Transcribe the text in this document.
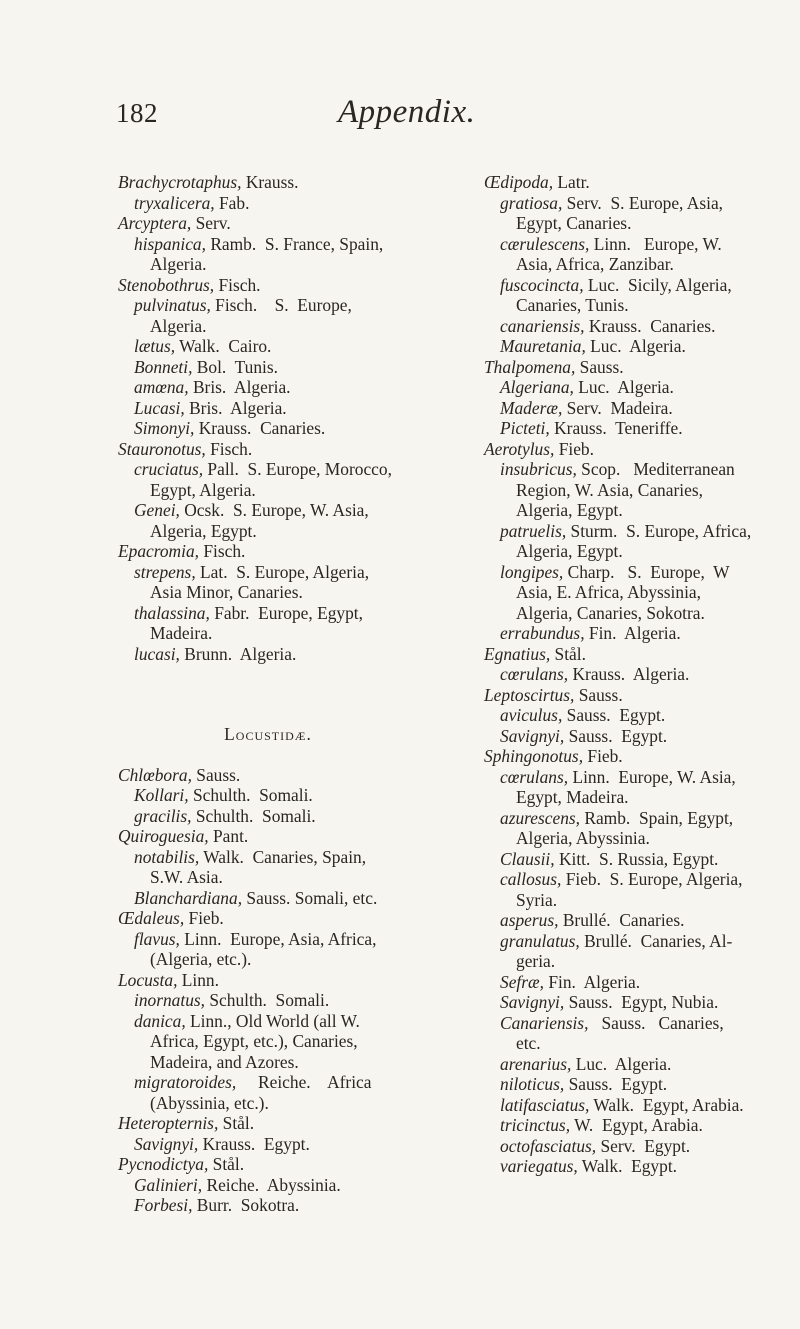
182	Appendix.
Brachycrotaphus, Krauss.
tryxalicera, Fab.
Arcyptera, Serv.
hispanica, Ramb.  S. France, Spain,
Algeria.
Stenobothrus, Fisch.
pulvinatus, Fisch.    S.  Europe,
Algeria.
lætus, Walk.  Cairo.
Bonneti, Bol.  Tunis.
amœna, Bris.  Algeria.
Lucasi, Bris.  Algeria.
Simonyi, Krauss.  Canaries.
Stauronotus, Fisch.
cruciatus, Pall.  S. Europe, Morocco,
Egypt, Algeria.
Genei, Ocsk.  S. Europe, W. Asia,
Algeria, Egypt.
Epacromia, Fisch.
strepens, Lat.  S. Europe, Algeria,
Asia Minor, Canaries.
thalassina, Fabr.  Europe, Egypt,
Madeira.
lucasi, Brunn.  Algeria.
Locustidæ.
Chlœbora, Sauss.
Kollari, Schulth.  Somali.
gracilis, Schulth.  Somali.
Quiroguesia, Pant.
notabilis, Walk.  Canaries, Spain,
S.W. Asia.
Blanchardiana, Sauss. Somali, etc.
Œdaleus, Fieb.
flavus, Linn.  Europe, Asia, Africa,
(Algeria, etc.).
Locusta, Linn.
inornatus, Schulth.  Somali.
danica, Linn., Old World (all W.
Africa, Egypt, etc.), Canaries,
Madeira, and Azores.
migratoroides,     Reiche.    Africa
(Abyssinia, etc.).
Heteropternis, Stål.
Savignyi, Krauss.  Egypt.
Pycnodictya, Stål.
Galinieri, Reiche.  Abyssinia.
Forbesi, Burr.  Sokotra.
Œdipoda, Latr.
gratiosa, Serv.  S. Europe, Asia,
Egypt, Canaries.
cærulescens, Linn.   Europe, W.
Asia, Africa, Zanzibar.
fuscocincta, Luc.  Sicily, Algeria,
Canaries, Tunis.
canariensis, Krauss.  Canaries.
Mauretania, Luc.  Algeria.
Thalpomena, Sauss.
Algeriana, Luc.  Algeria.
Maderæ, Serv.  Madeira.
Picteti, Krauss.  Teneriffe.
Aerotylus, Fieb.
insubricus, Scop.   Mediterranean
Region, W. Asia, Canaries,
Algeria, Egypt.
patruelis, Sturm.  S. Europe, Africa,
Algeria, Egypt.
longipes, Charp.   S.  Europe,  W
Asia, E. Africa, Abyssinia,
Algeria, Canaries, Sokotra.
errabundus, Fin.  Algeria.
Egnatius, Stål.
cœrulans, Krauss.  Algeria.
Leptoscirtus, Sauss.
aviculus, Sauss.  Egypt.
Savignyi, Sauss.  Egypt.
Sphingonotus, Fieb.
cœrulans, Linn.  Europe, W. Asia,
Egypt, Madeira.
azurescens, Ramb.  Spain, Egypt,
Algeria, Abyssinia.
Clausii, Kitt.  S. Russia, Egypt.
callosus, Fieb.  S. Europe, Algeria,
Syria.
asperus, Brullé.  Canaries.
granulatus, Brullé.  Canaries, Al-
geria.
Sefræ, Fin.  Algeria.
Savignyi, Sauss.  Egypt, Nubia.
Canariensis,   Sauss.   Canaries,
etc.
arenarius, Luc.  Algeria.
niloticus, Sauss.  Egypt.
latifasciatus, Walk.  Egypt, Arabia.
tricinctus, W.  Egypt, Arabia.
octofasciatus, Serv.  Egypt.
variegatus, Walk.  Egypt.
